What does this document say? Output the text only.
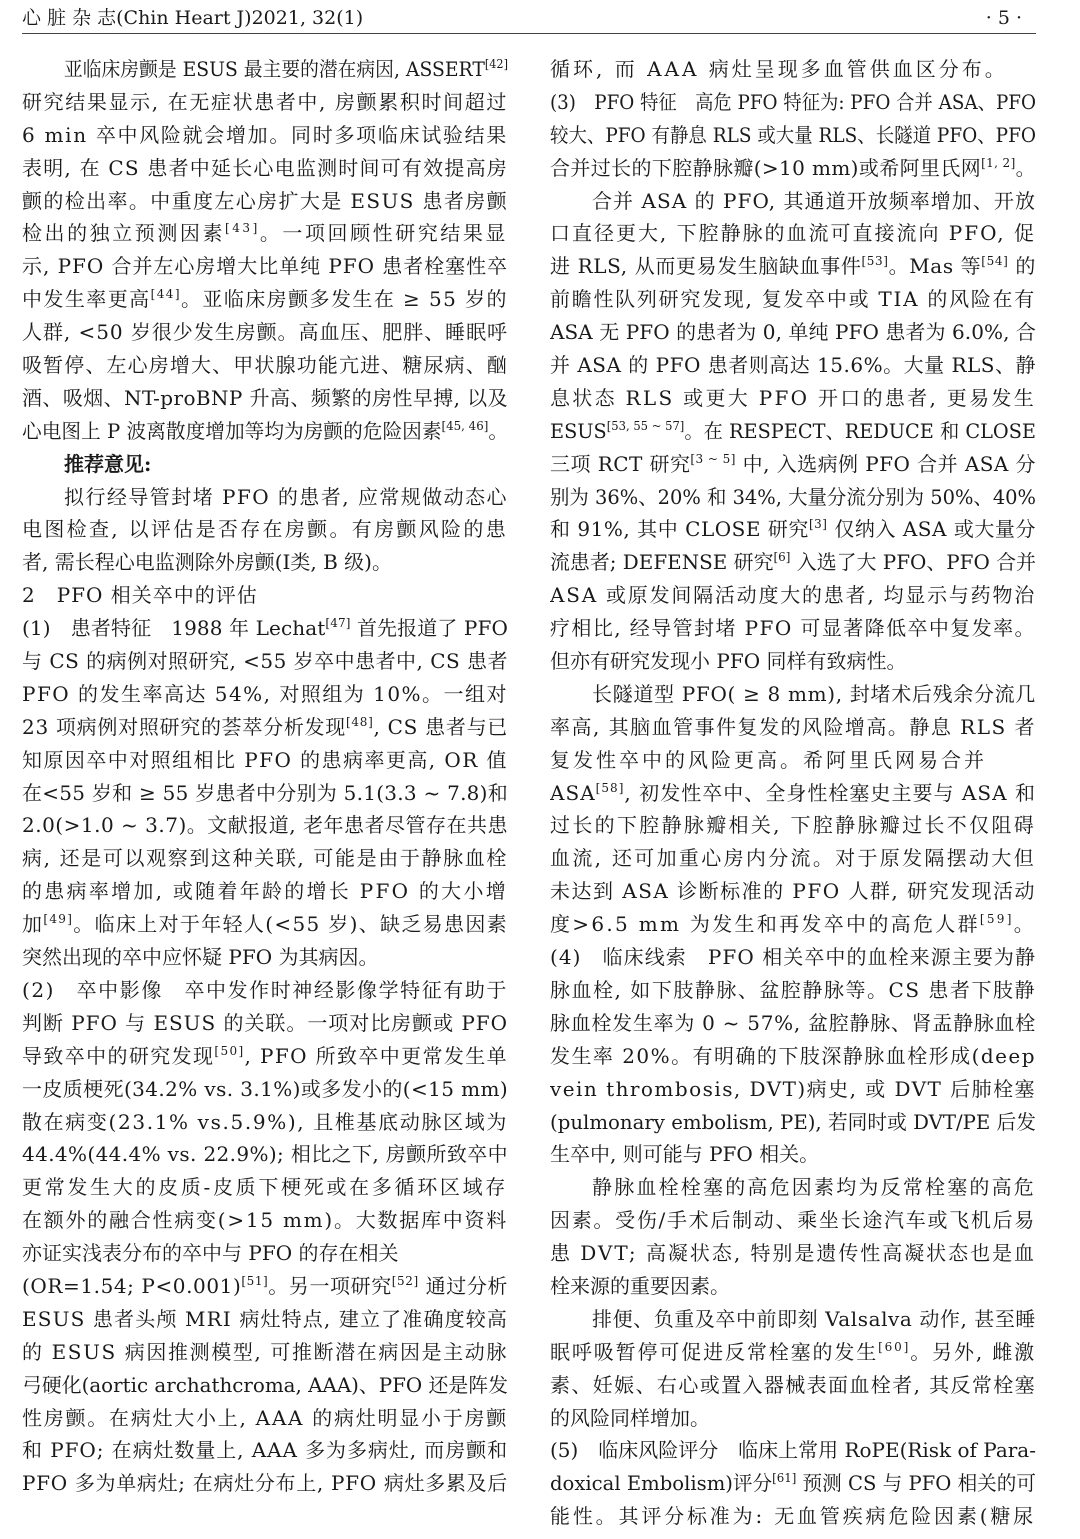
心 脏 杂 志(Chin Heart J)2021, 32(1)	· 5 ·
亚临床房颤是 ESUS 最主要的潜在病因, ASSERT[42]
研究结果显示, 在无症状患者中, 房颤累积时间超过
6 min 卒中风险就会增加。同时多项临床试验结果
表明, 在 CS 患者中延长心电监测时间可有效提高房
颤的检出率。中重度左心房扩大是 ESUS 患者房颤
检出的独立预测因素[43]。一项回顾性研究结果显
示, PFO 合并左心房增大比单纯 PFO 患者栓塞性卒
中发生率更高[44]。亚临床房颤多发生在 ≥ 55 岁的
人群, <50 岁很少发生房颤。高血压、肥胖、睡眠呼
吸暂停、左心房增大、甲状腺功能亢进、糖尿病、酗
酒、吸烟、NT-proBNP 升高、频繁的房性早搏, 以及
心电图上 P 波离散度增加等均为房颤的危险因素[45, 46]。
推荐意见:
拟行经导管封堵 PFO 的患者, 应常规做动态心
电图检查, 以评估是否存在房颤。有房颤风险的患
者, 需长程心电监测除外房颤(Ⅰ类, B 级)。
2　PFO 相关卒中的评估
(1)　患者特征　1988 年 Lechat[47] 首先报道了 PFO
与 CS 的病例对照研究, <55 岁卒中患者中, CS 患者
PFO 的发生率高达 54%, 对照组为 10%。一组对
23 项病例对照研究的荟萃分析发现[48], CS 患者与已
知原因卒中对照组相比 PFO 的患病率更高, OR 值
在<55 岁和 ≥ 55 岁患者中分别为 5.1(3.3 ~ 7.8)和
2.0(>1.0 ~ 3.7)。文献报道, 老年患者尽管存在共患
病, 还是可以观察到这种关联, 可能是由于静脉血栓
的患病率增加, 或随着年龄的增长 PFO 的大小增
加[49]。临床上对于年轻人(<55 岁)、缺乏易患因素
突然出现的卒中应怀疑 PFO 为其病因。
(2)　卒中影像　卒中发作时神经影像学特征有助于
判断 PFO 与 ESUS 的关联。一项对比房颤或 PFO
导致卒中的研究发现[50], PFO 所致卒中更常发生单
一皮质梗死(34.2% vs. 3.1%)或多发小的(<15 mm)
散在病变(23.1% vs.5.9%), 且椎基底动脉区域为
44.4%(44.4% vs. 22.9%); 相比之下, 房颤所致卒中
更常发生大的皮质-皮质下梗死或在多循环区域存
在额外的融合性病变(>15 mm)。大数据库中资料
亦证实浅表分布的卒中与 PFO 的存在相关
(OR=1.54; P<0.001)[51]。另一项研究[52] 通过分析
ESUS 患者头颅 MRI 病灶特点, 建立了准确度较高
的 ESUS 病因推测模型, 可推断潜在病因是主动脉
弓硬化(aortic archathcroma, AAA)、PFO 还是阵发
性房颤。在病灶大小上, AAA 的病灶明显小于房颤
和 PFO; 在病灶数量上, AAA 多为多病灶, 而房颤和
PFO 多为单病灶; 在病灶分布上, PFO 病灶多累及后
循环, 而 AAA 病灶呈现多血管供血区分布。
(3)　PFO 特征　高危 PFO 特征为: PFO 合并 ASA、PFO
较大、PFO 有静息 RLS 或大量 RLS、长隧道 PFO、PFO
合并过长的下腔静脉瓣(>10 mm)或希阿里氏网[1, 2]。
合并 ASA 的 PFO, 其通道开放频率增加、开放
口直径更大, 下腔静脉的血流可直接流向 PFO, 促
进 RLS, 从而更易发生脑缺血事件[53]。Mas 等[54] 的
前瞻性队列研究发现, 复发卒中或 TIA 的风险在有
ASA 无 PFO 的患者为 0, 单纯 PFO 患者为 6.0%, 合
并 ASA 的 PFO 患者则高达 15.6%。大量 RLS、静
息状态 RLS 或更大 PFO 开口的患者, 更易发生
ESUS[53, 55 ~ 57]。在 RESPECT、REDUCE 和 CLOSE
三项 RCT 研究[3 ~ 5] 中, 入选病例 PFO 合并 ASA 分
别为 36%、20% 和 34%, 大量分流分别为 50%、40%
和 91%, 其中 CLOSE 研究[3] 仅纳入 ASA 或大量分
流患者; DEFENSE 研究[6] 入选了大 PFO、PFO 合并
ASA 或原发间隔活动度大的患者, 均显示与药物治
疗相比, 经导管封堵 PFO 可显著降低卒中复发率。
但亦有研究发现小 PFO 同样有致病性。
长隧道型 PFO( ≥ 8 mm), 封堵术后残余分流几
率高, 其脑血管事件复发的风险增高。静息 RLS 者
复发性卒中的风险更高。希阿里氏网易合并
ASA[58], 初发性卒中、全身性栓塞史主要与 ASA 和
过长的下腔静脉瓣相关, 下腔静脉瓣过长不仅阻碍
血流, 还可加重心房内分流。对于原发隔摆动大但
未达到 ASA 诊断标准的 PFO 人群, 研究发现活动
度>6.5 mm 为发生和再发卒中的高危人群[59]。
(4)　临床线索　PFO 相关卒中的血栓来源主要为静
脉血栓, 如下肢静脉、盆腔静脉等。CS 患者下肢静
脉血栓发生率为 0 ~ 57%, 盆腔静脉、肾盂静脉血栓
发生率 20%。有明确的下肢深静脉血栓形成(deep
vein thrombosis, DVT)病史, 或 DVT 后肺栓塞
(pulmonary embolism, PE), 若同时或 DVT/PE 后发
生卒中, 则可能与 PFO 相关。
静脉血栓栓塞的高危因素均为反常栓塞的高危
因素。受伤/手术后制动、乘坐长途汽车或飞机后易
患 DVT; 高凝状态, 特别是遗传性高凝状态也是血
栓来源的重要因素。
排便、负重及卒中前即刻 Valsalva 动作, 甚至睡
眠呼吸暂停可促进反常栓塞的发生[60]。另外, 雌激
素、妊娠、右心或置入器械表面血栓者, 其反常栓塞
的风险同样增加。
(5)　临床风险评分　临床上常用 RoPE(Risk of Para-
doxical Embolism)评分[61] 预测 CS 与 PFO 相关的可
能性。其评分标准为: 无血管疾病危险因素(糖尿
